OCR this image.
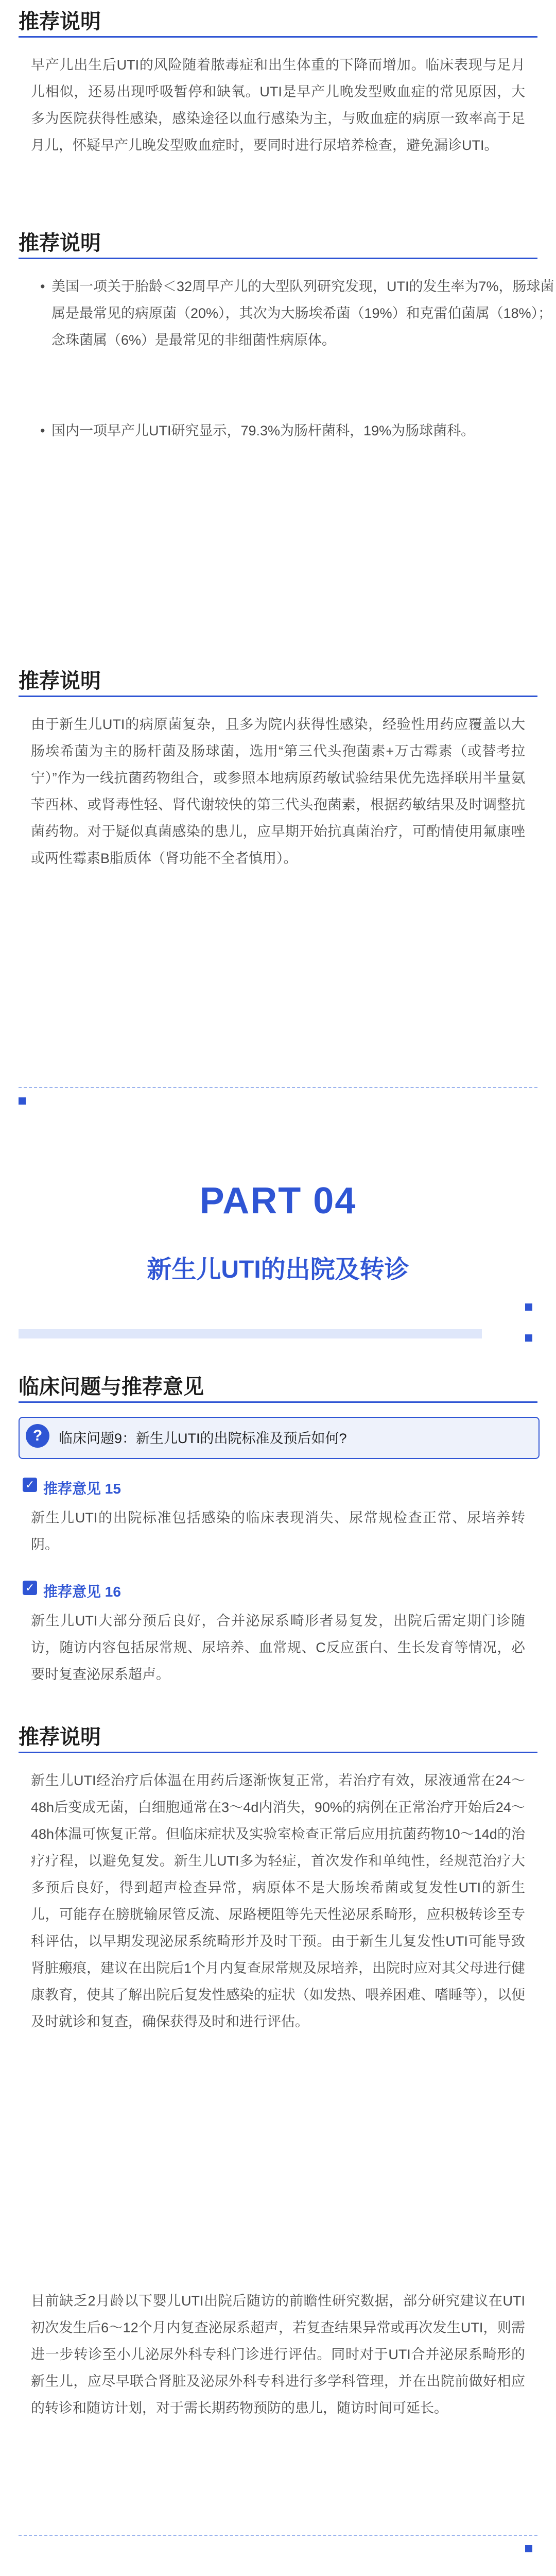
推荐说明

早产儿出生后UTI的风险随着脓毒症和出生体重的下降而增加。临床表现与足月儿相似，还易出现呼吸暂停和缺氧。UTI是早产儿晚发型败血症的常见原因，大多为医院获得性感染，感染途径以血行感染为主，与败血症的病原一致率高于足月儿，怀疑早产儿晚发型败血症时，要同时进行尿培养检查，避免漏诊UTI。

推荐说明

• 美国一项关于胎龄＜32周早产儿的大型队列研究发现，UTI的发生率为7%，肠球菌属是最常见的病原菌（20%），其次为大肠埃希菌（19%）和克雷伯菌属（18%）；念珠菌属（6%）是最常见的非细菌性病原体。

• 国内一项早产儿UTI研究显示，79.3%为肠杆菌科，19%为肠球菌科。

推荐说明

由于新生儿UTI的病原菌复杂，且多为院内获得性感染，经验性用药应覆盖以大肠埃希菌为主的肠杆菌及肠球菌，选用“第三代头孢菌素+万古霉素（或替考拉宁）”作为一线抗菌药物组合，或参照本地病原药敏试验结果优先选择联用半量氨苄西林、或肾毒性轻、肾代谢较快的第三代头孢菌素，根据药敏结果及时调整抗菌药物。对于疑似真菌感染的患儿，应早期开始抗真菌治疗，可酌情使用氟康唑或两性霉素B脂质体（肾功能不全者慎用）。

PART 04
新生儿UTI的出院及转诊
临床问题与推荐意见
?	临床问题9：新生儿UTI的出院标准及预后如何?
✓ 推荐意见 15

新生儿UTI的出院标准包括感染的临床表现消失、尿常规检查正常、尿培养转阴。

✓ 推荐意见 16

新生儿UTI大部分预后良好，合并泌尿系畸形者易复发，出院后需定期门诊随访，随访内容包括尿常规、尿培养、血常规、C反应蛋白、生长发育等情况，必要时复查泌尿系超声。

推荐说明

新生儿UTI经治疗后体温在用药后逐渐恢复正常，若治疗有效，尿液通常在24～48h后变成无菌，白细胞通常在3～4d内消失，90%的病例在正常治疗开始后24～48h体温可恢复正常。但临床症状及实验室检查正常后应用抗菌药物10～14d的治疗疗程，以避免复发。新生儿UTI多为轻症，首次发作和单纯性，经规范治疗大多预后良好，得到超声检查异常，病原体不是大肠埃希菌或复发性UTI的新生儿，可能存在膀胱输尿管反流、尿路梗阻等先天性泌尿系畸形，应积极转诊至专科评估，以早期发现泌尿系统畸形并及时干预。由于新生儿复发性UTI可能导致肾脏瘢痕，建议在出院后1个月内复查尿常规及尿培养，出院时应对其父母进行健康教育，使其了解出院后复发性感染的症状（如发热、喂养困难、嗜睡等），以便及时就诊和复查，确保获得及时和进行评估。

目前缺乏2月龄以下婴儿UTI出院后随访的前瞻性研究数据，部分研究建议在UTI初次发生后6～12个月内复查泌尿系超声，若复查结果异常或再次发生UTI，则需进一步转诊至小儿泌尿外科专科门诊进行评估。同时对于UTI合并泌尿系畸形的新生儿，应尽早联合肾脏及泌尿外科专科进行多学科管理，并在出院前做好相应的转诊和随访计划，对于需长期药物预防的患儿，随访时间可延长。
